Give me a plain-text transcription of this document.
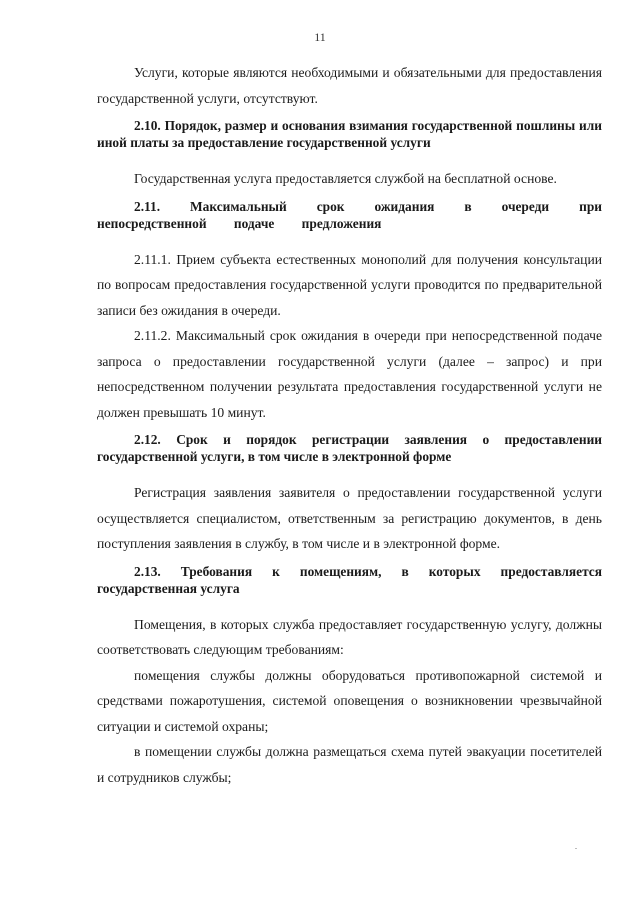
11

Услуги, которые являются необходимыми и обязательными для предоставления государственной услуги, отсутствуют.

2.10. Порядок, размер и основания взимания государственной пошлины или иной платы за предоставление государственной услуги

Государственная услуга предоставляется службой на бесплатной основе.

2.11. Максимальный срок ожидания в очереди при непосредственной подаче предложения

2.11.1. Прием субъекта естественных монополий для получения консультации по вопросам предоставления государственной услуги проводится по предварительной записи без ожидания в очереди.

2.11.2. Максимальный срок ожидания в очереди при непосредственной подаче запроса о предоставлении государственной услуги (далее – запрос) и при непосредственном получении результата предоставления государственной услуги не должен превышать 10 минут.

2.12. Срок и порядок регистрации заявления о предоставлении государственной услуги, в том числе в электронной форме

Регистрация заявления заявителя о предоставлении государственной услуги осуществляется специалистом, ответственным за регистрацию документов, в день поступления заявления в службу, в том числе и в электронной форме.

2.13. Требования к помещениям, в которых предоставляется государственная услуга

Помещения, в которых служба предоставляет государственную услугу, должны соответствовать следующим требованиям:

помещения службы должны оборудоваться противопожарной системой и средствами пожаротушения, системой оповещения о возникновении чрезвычайной ситуации и системой охраны;

в помещении службы должна размещаться схема путей эвакуации посетителей и сотрудников службы;
